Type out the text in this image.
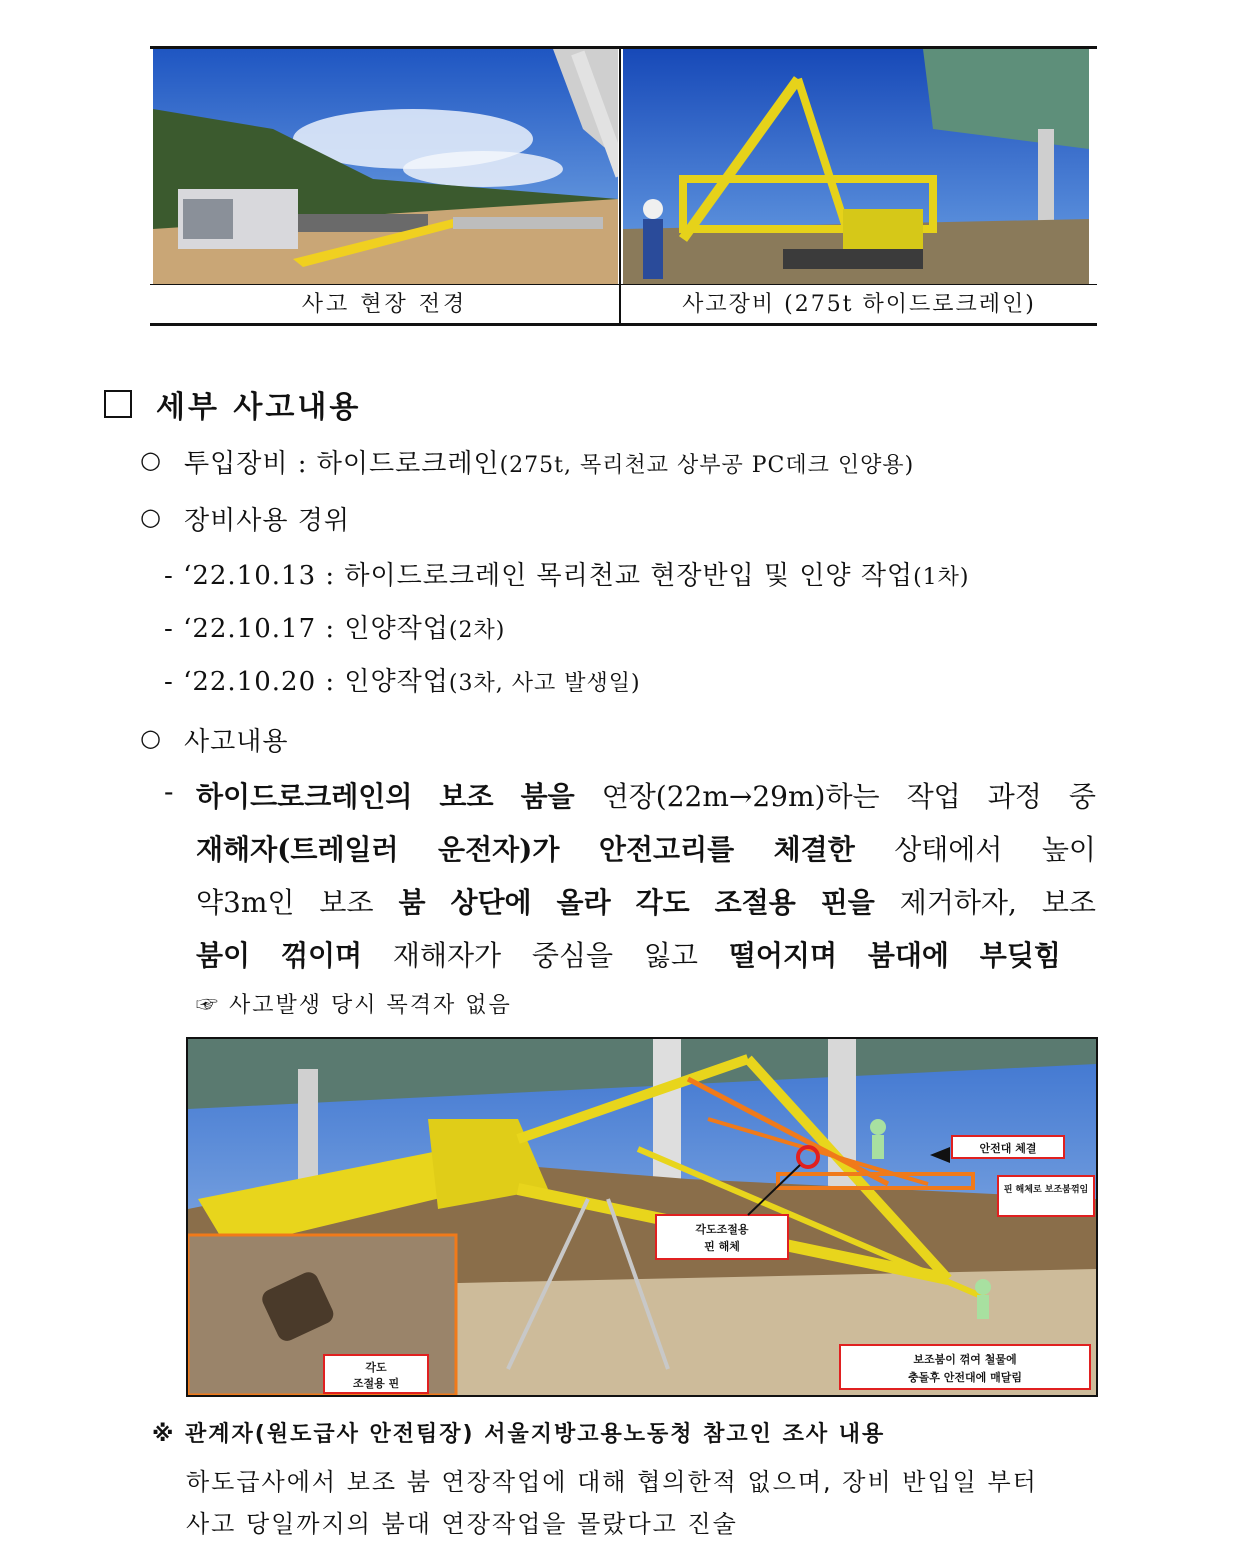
사고 현장 전경	사고장비 (275t 하이드로크레인)
세부 사고내용
○ 투입장비 : 하이드로크레인(275t, 목리천교 상부공 PC데크 인양용)
○ 장비사용 경위
- ‘22.10.13 : 하이드로크레인 목리천교 현장반입 및 인양 작업(1차)
- ‘22.10.17 : 인양작업(2차)
- ‘22.10.20 : 인양작업(3차, 사고 발생일)
○ 사고내용
- 하이드로크레인의 보조 붐을 연장(22m→29m)하는 작업 과정 중
재해자(트레일러 운전자)가 안전고리를 체결한 상태에서 높이
약3m인 보조 붐 상단에 올라 각도 조절용 핀을 제거하자, 보조
붐이 꺾이며 재해자가 중심을 잃고 떨어지며 붐대에 부딪힘
☞ 사고발생 당시 목격자 없음
안전대 체결
핀 해체로 보조붐꺾임
각도조절용
핀 해체
각도
조절용 핀
보조붐이 꺾여 철물에
충돌후 안전대에 매달림
※ 관계자(원도급사 안전팀장) 서울지방고용노동청 참고인 조사 내용
하도급사에서 보조 붐 연장작업에 대해 협의한적 없으며, 장비 반입일 부터
사고 당일까지의 붐대 연장작업을 몰랐다고 진술
